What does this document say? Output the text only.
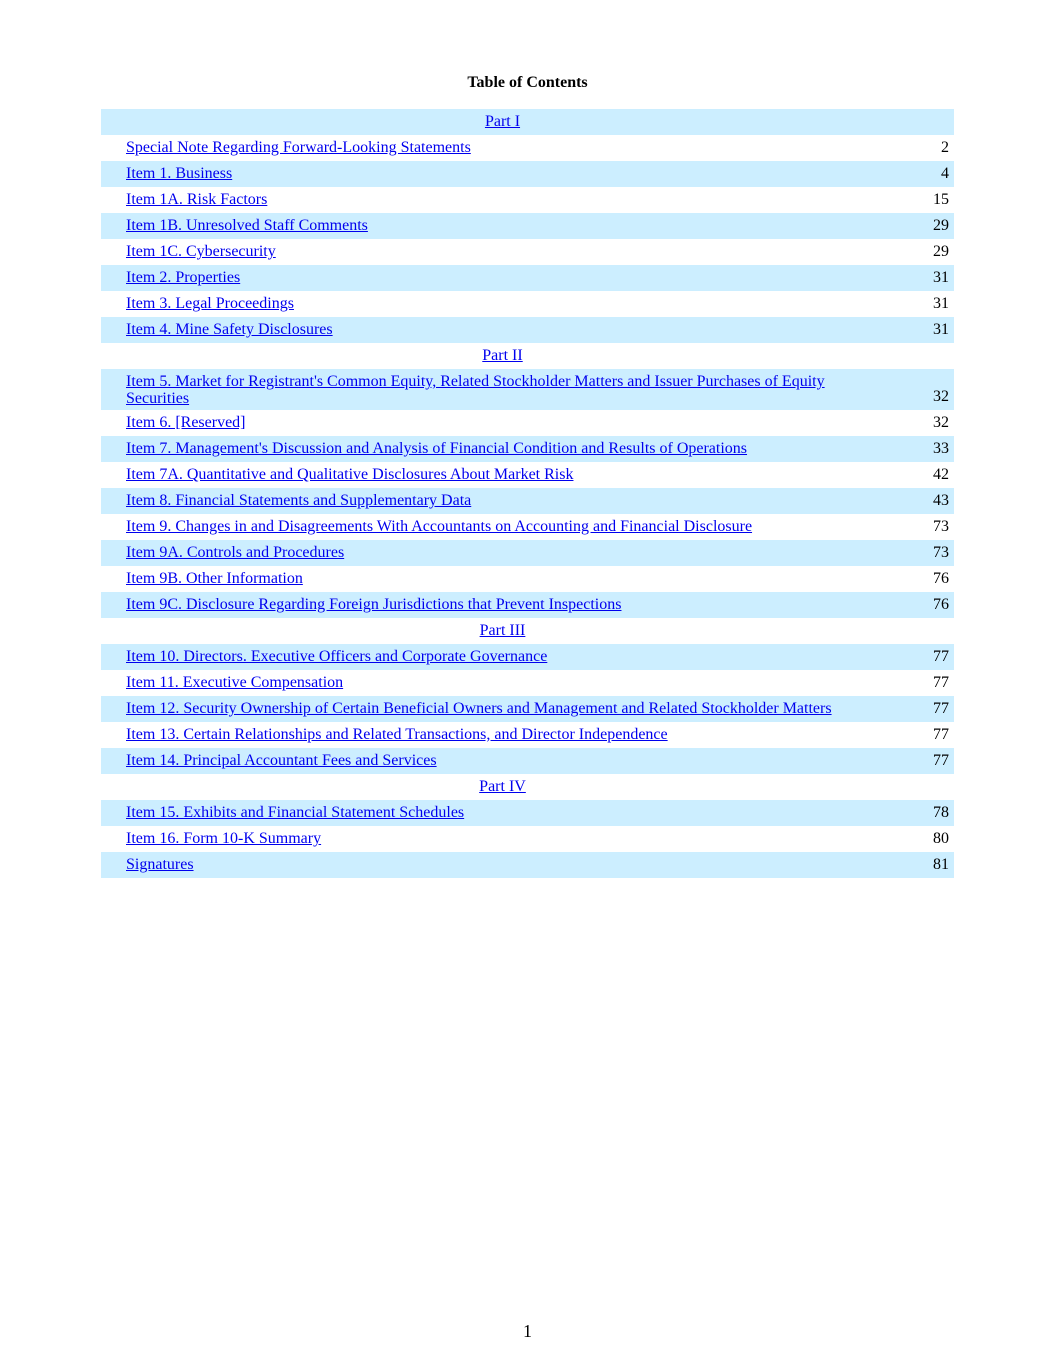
Table of Contents
Part I
Special Note Regarding Forward-Looking Statements	2
Item 1. Business	4
Item 1A. Risk Factors	15
Item 1B. Unresolved Staff Comments	29
Item 1C. Cybersecurity	29
Item 2. Properties	31
Item 3. Legal Proceedings	31
Item 4. Mine Safety Disclosures	31
Part II
Item 5. Market for Registrant's Common Equity, Related Stockholder Matters and Issuer Purchases of Equity Securities	32
Item 6. [Reserved]	32
Item 7. Management's Discussion and Analysis of Financial Condition and Results of Operations	33
Item 7A. Quantitative and Qualitative Disclosures About Market Risk	42
Item 8. Financial Statements and Supplementary Data	43
Item 9. Changes in and Disagreements With Accountants on Accounting and Financial Disclosure	73
Item 9A. Controls and Procedures	73
Item 9B. Other Information	76
Item 9C. Disclosure Regarding Foreign Jurisdictions that Prevent Inspections	76
Part III
Item 10. Directors. Executive Officers and Corporate Governance	77
Item 11. Executive Compensation	77
Item 12. Security Ownership of Certain Beneficial Owners and Management and Related Stockholder Matters	77
Item 13. Certain Relationships and Related Transactions, and Director Independence	77
Item 14. Principal Accountant Fees and Services	77
Part IV
Item 15. Exhibits and Financial Statement Schedules	78
Item 16. Form 10-K Summary	80
Signatures	81
1
